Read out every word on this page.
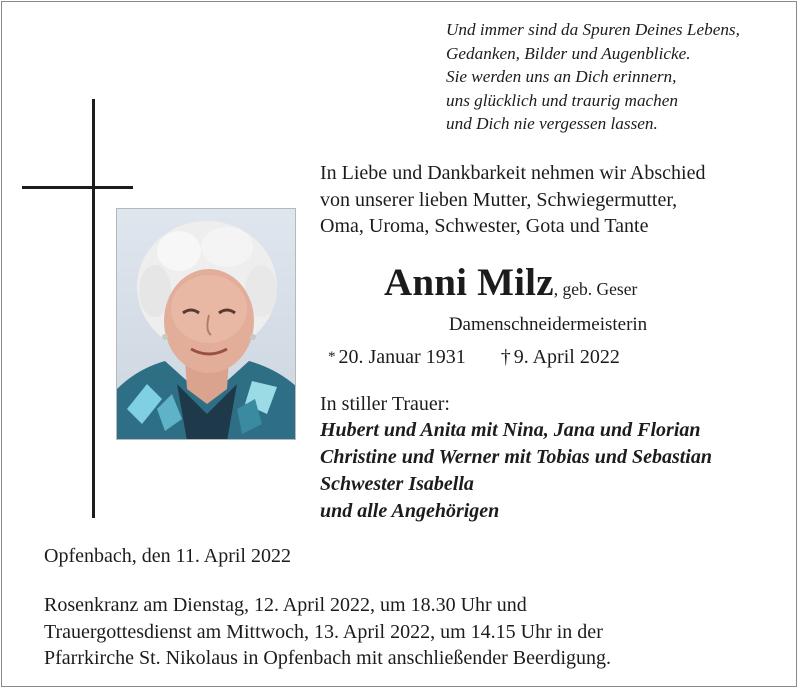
Und immer sind da Spuren Deines Lebens,
Gedanken, Bilder und Augenblicke.
Sie werden uns an Dich erinnern,
uns glücklich und traurig machen
und Dich nie vergessen lassen.
In Liebe und Dankbarkeit nehmen wir Abschied
von unserer lieben Mutter, Schwiegermutter,
Oma, Uroma, Schwester, Gota und Tante
Anni Milz, geb. Geser
Damenschneidermeisterin
* 20. Januar 1931 † 9. April 2022
In stiller Trauer:
Hubert und Anita mit Nina, Jana und Florian
Christine und Werner mit Tobias und Sebastian
Schwester Isabella
und alle Angehörigen
Opfenbach, den 11. April 2022
Rosenkranz am Dienstag, 12. April 2022, um 18.30 Uhr und
Trauergottesdienst am Mittwoch, 13. April 2022, um 14.15 Uhr in der
Pfarrkirche St. Nikolaus in Opfenbach mit anschließender Beerdigung.
